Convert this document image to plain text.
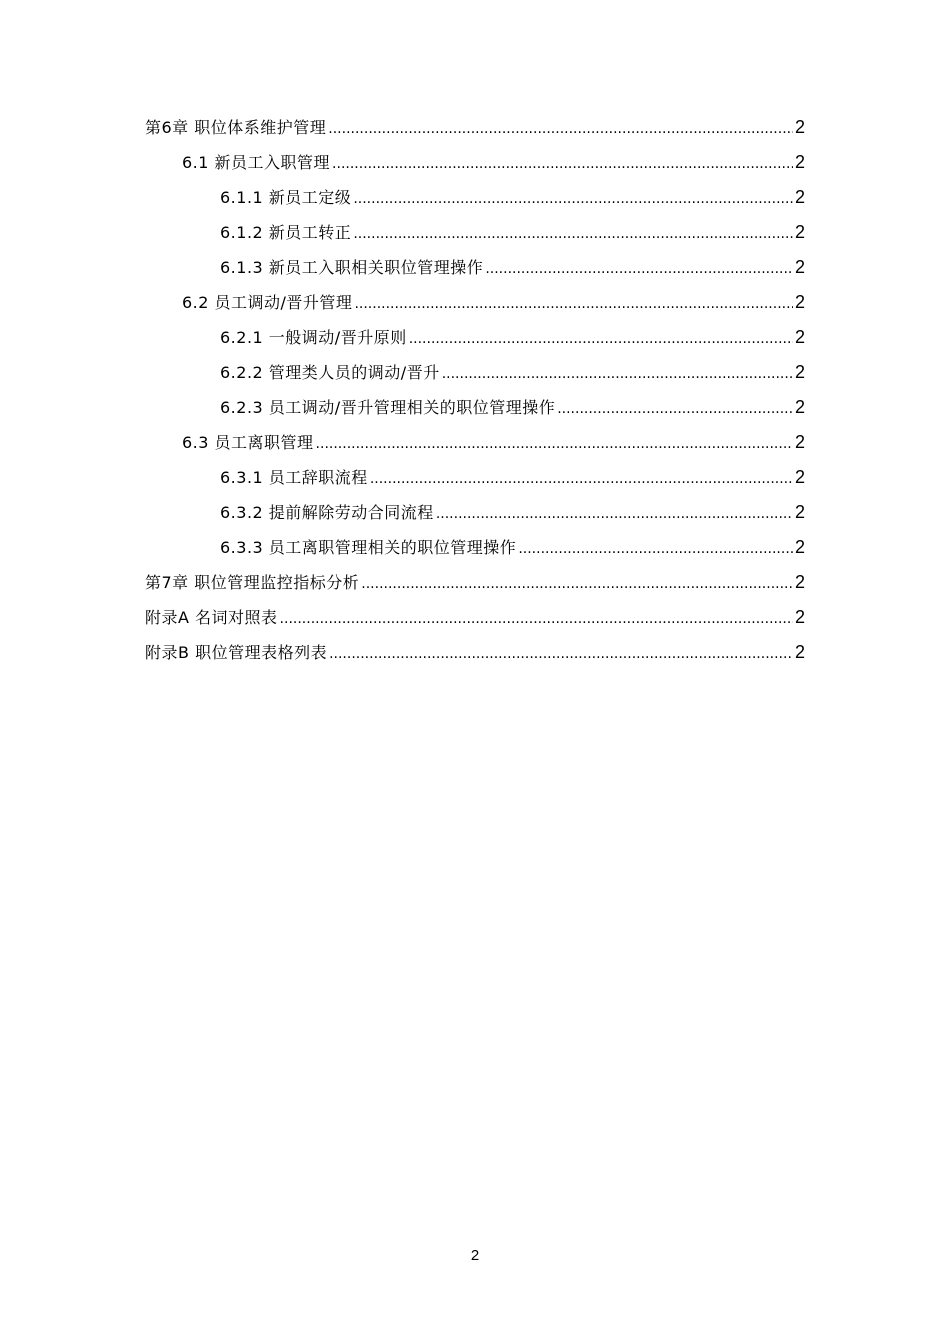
第6章 职位体系维护管理 .....	2
6.1 新员工入职管理 .....	2
6.1.1 新员工定级 .....	2
6.1.2 新员工转正 .....	2
6.1.3 新员工入职相关职位管理操作 .....	2
6.2 员工调动/晋升管理 .....	2
6.2.1 一般调动/晋升原则 .....	2
6.2.2 管理类人员的调动/晋升 .....	2
6.2.3 员工调动/晋升管理相关的职位管理操作 .....	2
6.3 员工离职管理 .....	2
6.3.1 员工辞职流程 .....	2
6.3.2 提前解除劳动合同流程 .....	2
6.3.3 员工离职管理相关的职位管理操作 .....	2
第7章 职位管理监控指标分析 .....	2
附录A 名词对照表 .....	2
附录B 职位管理表格列表 .....	2
2
